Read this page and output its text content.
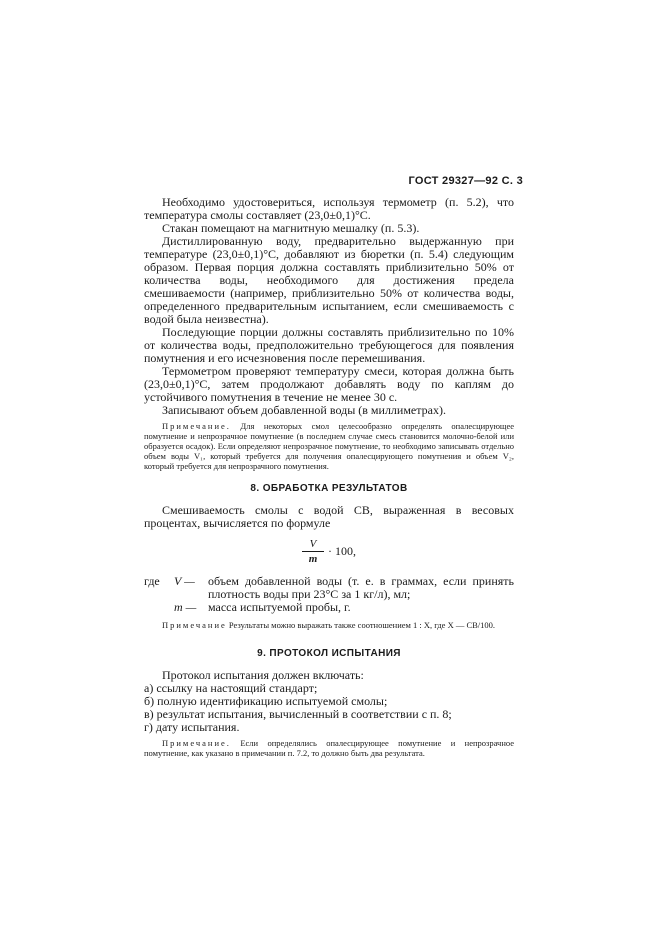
ГОСТ 29327—92 С. 3

Необходимо удостовериться, используя термометр (п. 5.2), что температура смолы составляет (23,0±0,1)°С.

Стакан помещают на магнитную мешалку (п. 5.3).

Дистиллированную воду, предварительно выдержанную при температуре (23,0±0,1)°С, добавляют из бюретки (п. 5.4) следующим образом. Первая порция должна составлять приблизительно 50% от количества воды, необходимого для достижения предела смешиваемости (например, приблизительно 50% от количества воды, определенного предварительным испытанием, если смешиваемость с водой была неизвестна).

Последующие порции должны составлять приблизительно по 10% от количества воды, предположительно требующегося для появления помутнения и его исчезновения после перемешивания.

Термометром проверяют температуру смеси, которая должна быть (23,0±0,1)°С, затем продолжают добавлять воду по каплям до устойчивого помутнения в течение не менее 30 с.

Записывают объем добавленной воды (в миллиметрах).

Примечание. Для некоторых смол целесообразно определять опалесцирующее помутнение и непрозрачное помутнение (в последнем случае смесь становится молочно-белой или образуется осадок). Если определяют непрозрачное помутнение, то необходимо записывать отдельно объем воды V₁, который требуется для получения опалесцирующего помутнения и объем V₂, который требуется для непрозрачного помутнения.

8. ОБРАБОТКА РЕЗУЛЬТАТОВ

Смешиваемость смолы с водой СВ, выраженная в весовых процентах, вычисляется по формуле

$\frac{V}{m} \cdot 100$,
где	V —	объем добавленной воды (т. е. в граммах, если принять плотность воды при 23°С за 1 кг/л), мл;
m — масса испытуемой пробы, г.

Примечание Результаты можно выражать также соотношением 1 : X, где X — СВ/100.

9. ПРОТОКОЛ ИСПЫТАНИЯ

Протокол испытания должен включать:

а) ссылку на настоящий стандарт;
б) полную идентификацию испытуемой смолы;
в) результат испытания, вычисленный в соответствии с п. 8;
г) дату испытания.

Примечание. Если определялись опалесцирующее помутнение и непрозрачное помутнение, как указано в примечании п. 7.2, то должно быть два результата.
